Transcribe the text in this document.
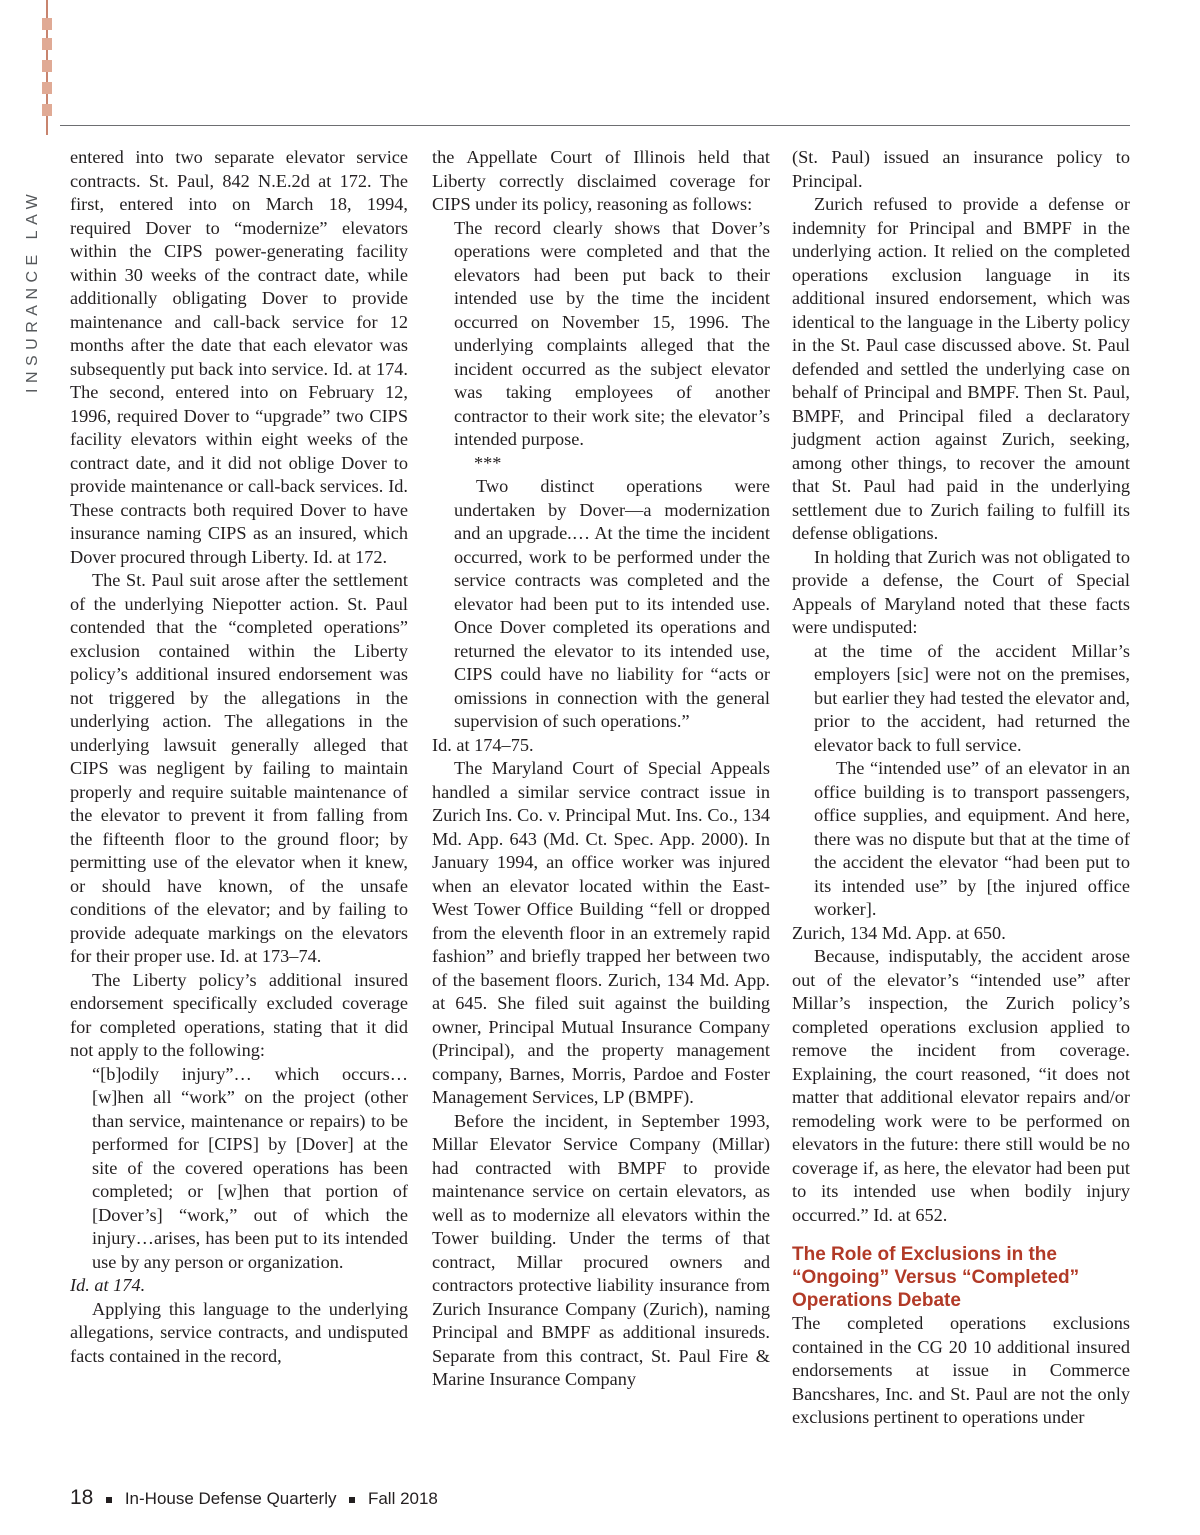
INSURANCE LAW

entered into two separate elevator service contracts. St. Paul, 842 N.E.2d at 172. The first, entered into on March 18, 1994, required Dover to “modernize” elevators within the CIPS power-generating facility within 30 weeks of the contract date, while additionally obligating Dover to provide maintenance and call-back service for 12 months after the date that each elevator was subsequently put back into service. Id. at 174. The second, entered into on February 12, 1996, required Dover to “upgrade” two CIPS facility elevators within eight weeks of the contract date, and it did not oblige Dover to provide maintenance or call-back services. Id. These contracts both required Dover to have insurance naming CIPS as an insured, which Dover procured through Liberty. Id. at 172.

The St. Paul suit arose after the settlement of the underlying Niepotter action. St. Paul contended that the “completed operations” exclusion contained within the Liberty policy’s additional insured endorsement was not triggered by the allegations in the underlying action. The allegations in the underlying lawsuit generally alleged that CIPS was negligent by failing to maintain properly and require suitable maintenance of the elevator to prevent it from falling from the fifteenth floor to the ground floor; by permitting use of the elevator when it knew, or should have known, of the unsafe conditions of the elevator; and by failing to provide adequate markings on the elevators for their proper use. Id. at 173–74.

The Liberty policy’s additional insured endorsement specifically excluded coverage for completed operations, stating that it did not apply to the following:

“[b]odily injury”… which occurs… [w]hen all “work” on the project (other than service, maintenance or repairs) to be performed for [CIPS] by [Dover] at the site of the covered operations has been completed; or [w]hen that portion of [Dover’s] “work,” out of which the injury…arises, has been put to its intended use by any person or organization.

Id. at 174.

Applying this language to the underlying allegations, service contracts, and undisputed facts contained in the record,

the Appellate Court of Illinois held that Liberty correctly disclaimed coverage for CIPS under its policy, reasoning as follows:

The record clearly shows that Dover’s operations were completed and that the elevators had been put back to their intended use by the time the incident occurred on November 15, 1996. The underlying complaints alleged that the incident occurred as the subject elevator was taking employees of another contractor to their work site; the elevator’s intended purpose.

***

Two distinct operations were undertaken by Dover—a modernization and an upgrade.… At the time the incident occurred, work to be performed under the service contracts was completed and the elevator had been put to its intended use. Once Dover completed its operations and returned the elevator to its intended use, CIPS could have no liability for “acts or omissions in connection with the general supervision of such operations.”

Id. at 174–75.

The Maryland Court of Special Appeals handled a similar service contract issue in Zurich Ins. Co. v. Principal Mut. Ins. Co., 134 Md. App. 643 (Md. Ct. Spec. App. 2000). In January 1994, an office worker was injured when an elevator located within the East-West Tower Office Building “fell or dropped from the eleventh floor in an extremely rapid fashion” and briefly trapped her between two of the basement floors. Zurich, 134 Md. App. at 645. She filed suit against the building owner, Principal Mutual Insurance Company (Principal), and the property management company, Barnes, Morris, Pardoe and Foster Management Services, LP (BMPF).

Before the incident, in September 1993, Millar Elevator Service Company (Millar) had contracted with BMPF to provide maintenance service on certain elevators, as well as to modernize all elevators within the Tower building. Under the terms of that contract, Millar procured owners and contractors protective liability insurance from Zurich Insurance Company (Zurich), naming Principal and BMPF as additional insureds. Separate from this contract, St. Paul Fire & Marine Insurance Company

(St. Paul) issued an insurance policy to Principal.

Zurich refused to provide a defense or indemnity for Principal and BMPF in the underlying action. It relied on the completed operations exclusion language in its additional insured endorsement, which was identical to the language in the Liberty policy in the St. Paul case discussed above. St. Paul defended and settled the underlying case on behalf of Principal and BMPF. Then St. Paul, BMPF, and Principal filed a declaratory judgment action against Zurich, seeking, among other things, to recover the amount that St. Paul had paid in the underlying settlement due to Zurich failing to fulfill its defense obligations.

In holding that Zurich was not obligated to provide a defense, the Court of Special Appeals of Maryland noted that these facts were undisputed:

at the time of the accident Millar’s employers [sic] were not on the premises, but earlier they had tested the elevator and, prior to the accident, had returned the elevator back to full service.

The “intended use” of an elevator in an office building is to transport passengers, office supplies, and equipment. And here, there was no dispute but that at the time of the accident the elevator “had been put to its intended use” by [the injured office worker].

Zurich, 134 Md. App. at 650.

Because, indisputably, the accident arose out of the elevator’s “intended use” after Millar’s inspection, the Zurich policy’s completed operations exclusion applied to remove the incident from coverage. Explaining, the court reasoned, “it does not matter that additional elevator repairs and/or remodeling work were to be performed on elevators in the future: there still would be no coverage if, as here, the elevator had been put to its intended use when bodily injury occurred.” Id. at 652.

The Role of Exclusions in the “Ongoing” Versus “Completed” Operations Debate

The completed operations exclusions contained in the CG 20 10 additional insured endorsements at issue in Commerce Bancshares, Inc. and St. Paul are not the only exclusions pertinent to operations under

18 In-House Defense Quarterly Fall 2018
